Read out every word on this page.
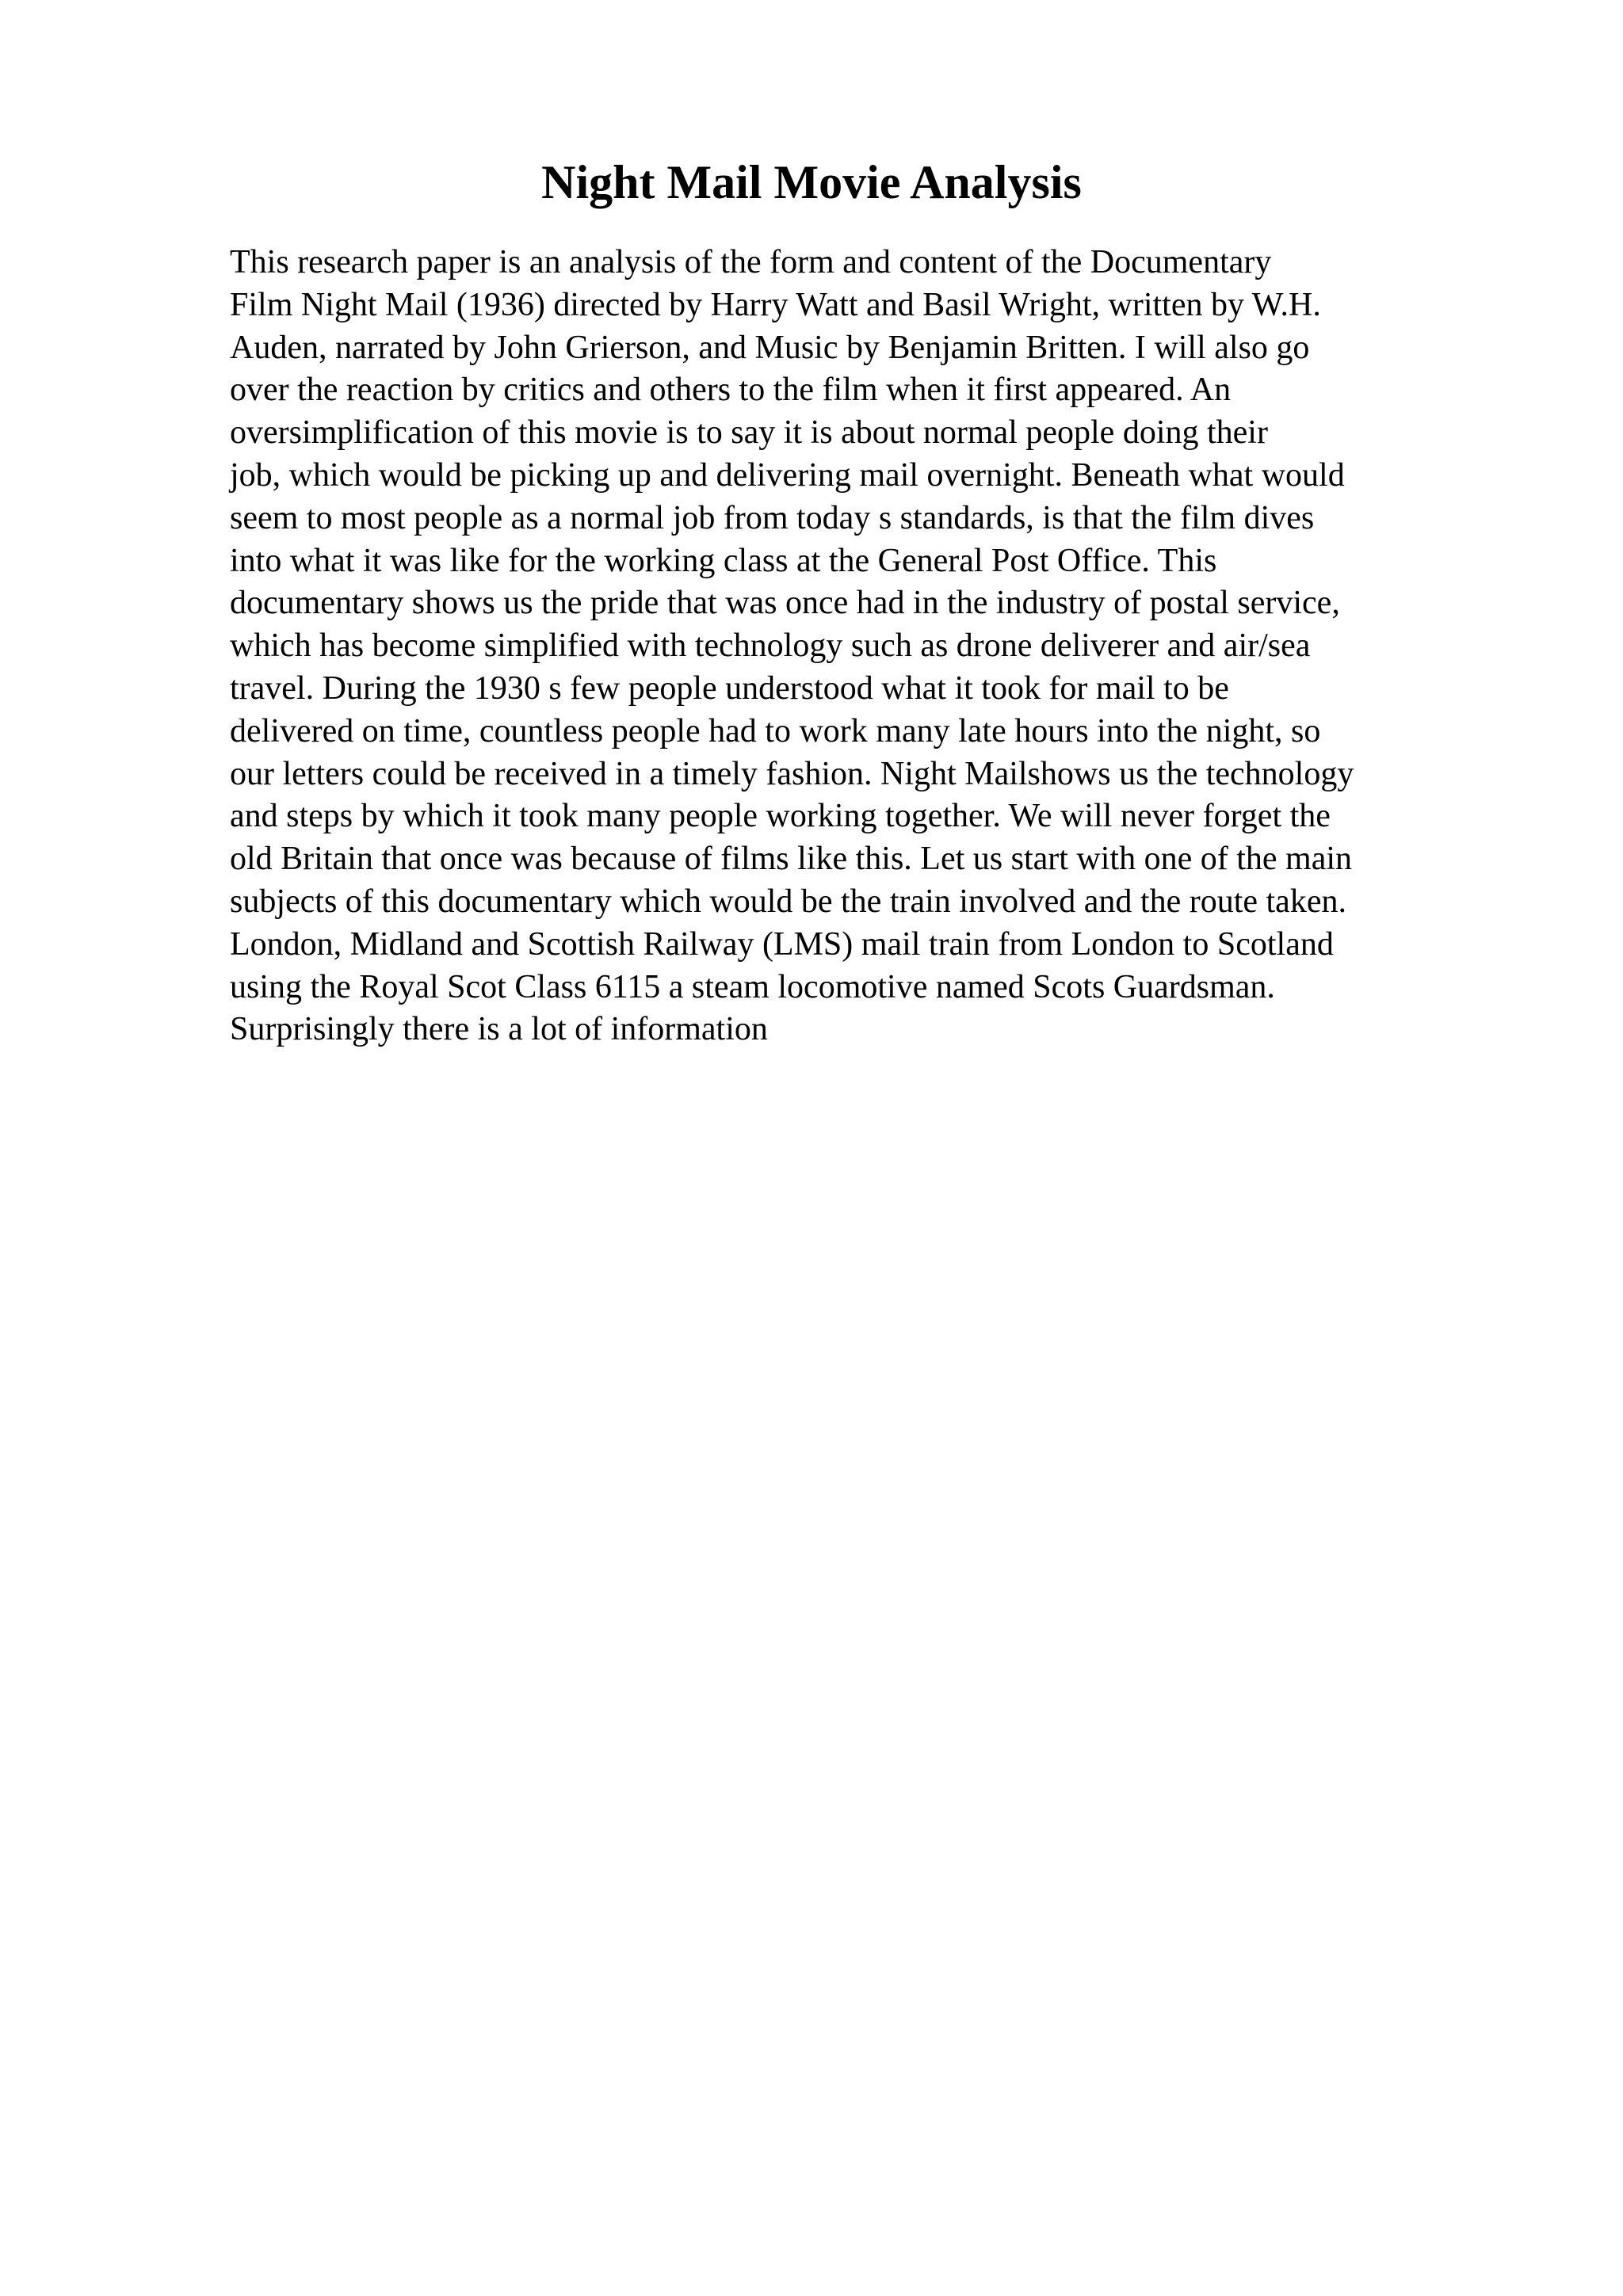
Night Mail Movie Analysis
This research paper is an analysis of the form and content of the Documentary
Film Night Mail (1936) directed by Harry Watt and Basil Wright, written by W.H.
Auden, narrated by John Grierson, and Music by Benjamin Britten. I will also go
over the reaction by critics and others to the film when it first appeared. An
oversimplification of this movie is to say it is about normal people doing their
job, which would be picking up and delivering mail overnight. Beneath what would
seem to most people as a normal job from today s standards, is that the film dives
into what it was like for the working class at the General Post Office. This
documentary shows us the pride that was once had in the industry of postal service,
which has become simplified with technology such as drone deliverer and air/sea
travel. During the 1930 s few people understood what it took for mail to be
delivered on time, countless people had to work many late hours into the night, so
our letters could be received in a timely fashion. Night Mailshows us the technology
and steps by which it took many people working together. We will never forget the
old Britain that once was because of films like this. Let us start with one of the main
subjects of this documentary which would be the train involved and the route taken.
London, Midland and Scottish Railway (LMS) mail train from London to Scotland
using the Royal Scot Class 6115 a steam locomotive named Scots Guardsman.
Surprisingly there is a lot of information
